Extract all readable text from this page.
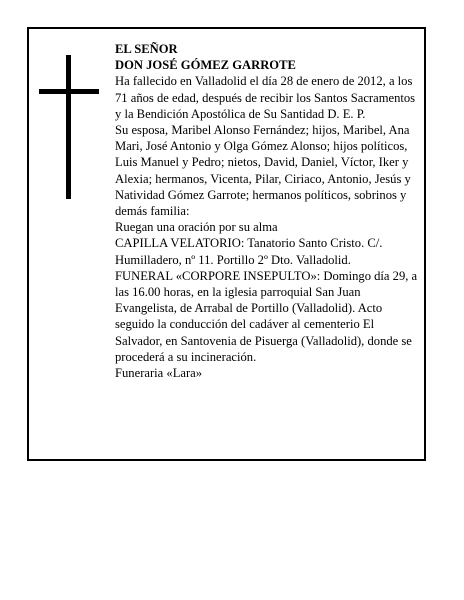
EL SEÑOR

DON JOSÉ GÓMEZ GARROTE

Ha fallecido en Valladolid el día 28 de enero de 2012, a los 71 años de edad, después de recibir los Santos Sacramentos y la Bendición Apostólica de Su Santidad D. E. P.

Su esposa, Maribel Alonso Fernández; hijos, Maribel, Ana Mari, José Antonio y Olga Gómez Alonso; hijos políticos, Luis Manuel y Pedro; nietos, David, Daniel, Víctor, Iker y Alexia; hermanos, Vicenta, Pilar, Ciriaco, Antonio, Jesús y Natividad Gómez Garrote; hermanos políticos, sobrinos y demás familia:

Ruegan una oración por su alma

CAPILLA VELATORIO: Tanatorio Santo Cristo. C/. Humilladero, nº 11. Portillo 2º Dto. Valladolid.

FUNERAL «CORPORE INSEPULTO»: Domingo día 29, a las 16.00 horas, en la iglesia parroquial San Juan Evangelista, de Arrabal de Portillo (Valladolid). Acto seguido la conducción del cadáver al cementerio El Salvador, en Santovenia de Pisuerga (Valladolid), donde se procederá a su incineración.

Funeraria «Lara»
